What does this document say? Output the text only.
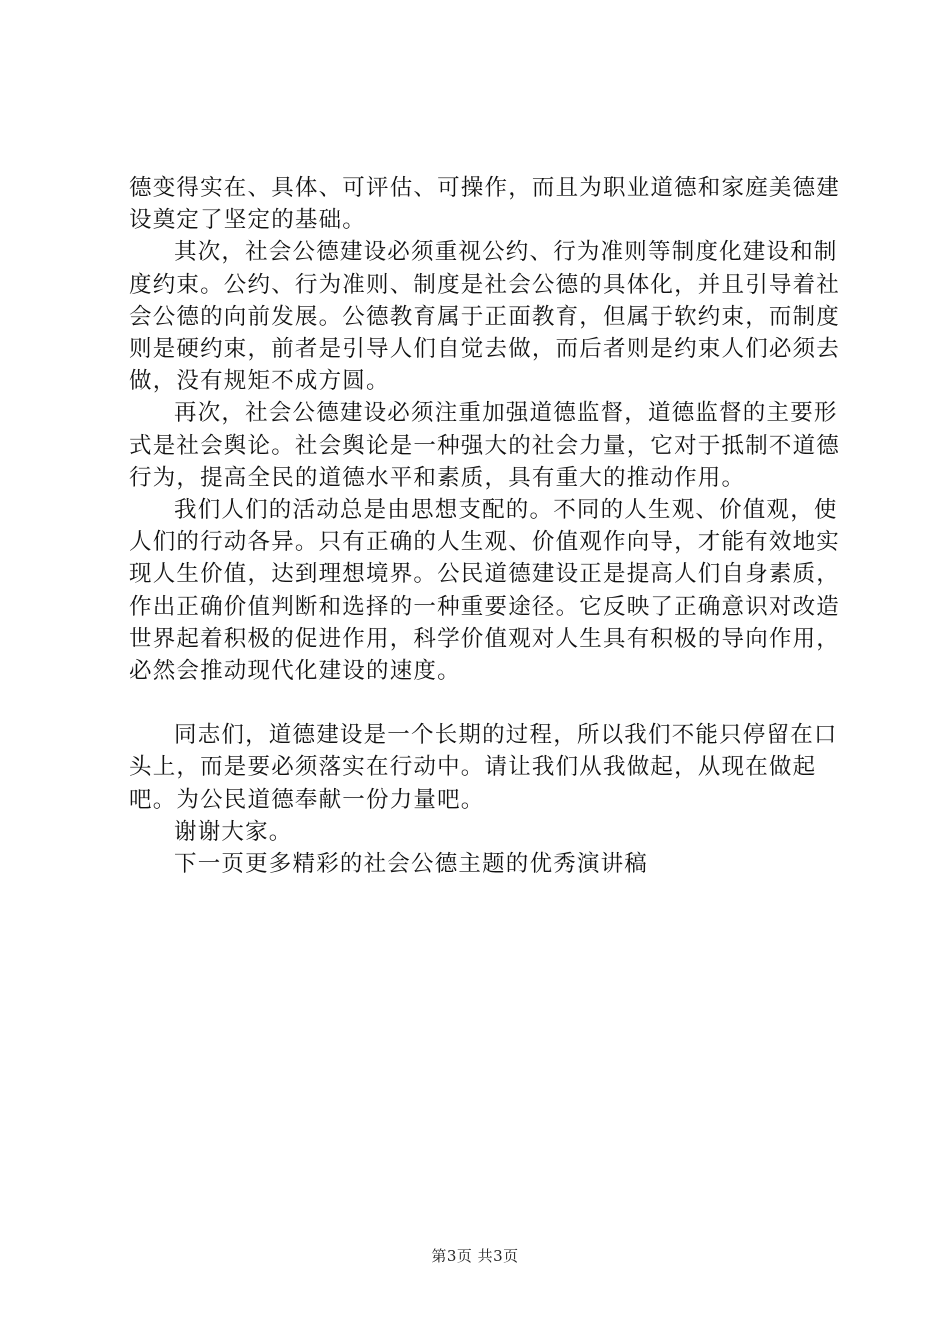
德变得实在、具体、可评估、可操作，而且为职业道德和家庭美德建设奠定了坚定的基础。

其次，社会公德建设必须重视公约、行为准则等制度化建设和制度约束。公约、行为准则、制度是社会公德的具体化，并且引导着社会公德的向前发展。公德教育属于正面教育，但属于软约束，而制度则是硬约束，前者是引导人们自觉去做，而后者则是约束人们必须去做，没有规矩不成方圆。

再次，社会公德建设必须注重加强道德监督，道德监督的主要形式是社会舆论。社会舆论是一种强大的社会力量，它对于抵制不道德行为，提高全民的道德水平和素质，具有重大的推动作用。

我们人们的活动总是由思想支配的。不同的人生观、价值观，使人们的行动各异。只有正确的人生观、价值观作向导，才能有效地实现人生价值，达到理想境界。公民道德建设正是提高人们自身素质，作出正确价值判断和选择的一种重要途径。它反映了正确意识对改造世界起着积极的促进作用，科学价值观对人生具有积极的导向作用，必然会推动现代化建设的速度。

同志们，道德建设是一个长期的过程，所以我们不能只停留在口头上，而是要必须落实在行动中。请让我们从我做起，从现在做起吧。为公民道德奉献一份力量吧。

谢谢大家。

下一页更多精彩的社会公德主题的优秀演讲稿

第3页 共3页
